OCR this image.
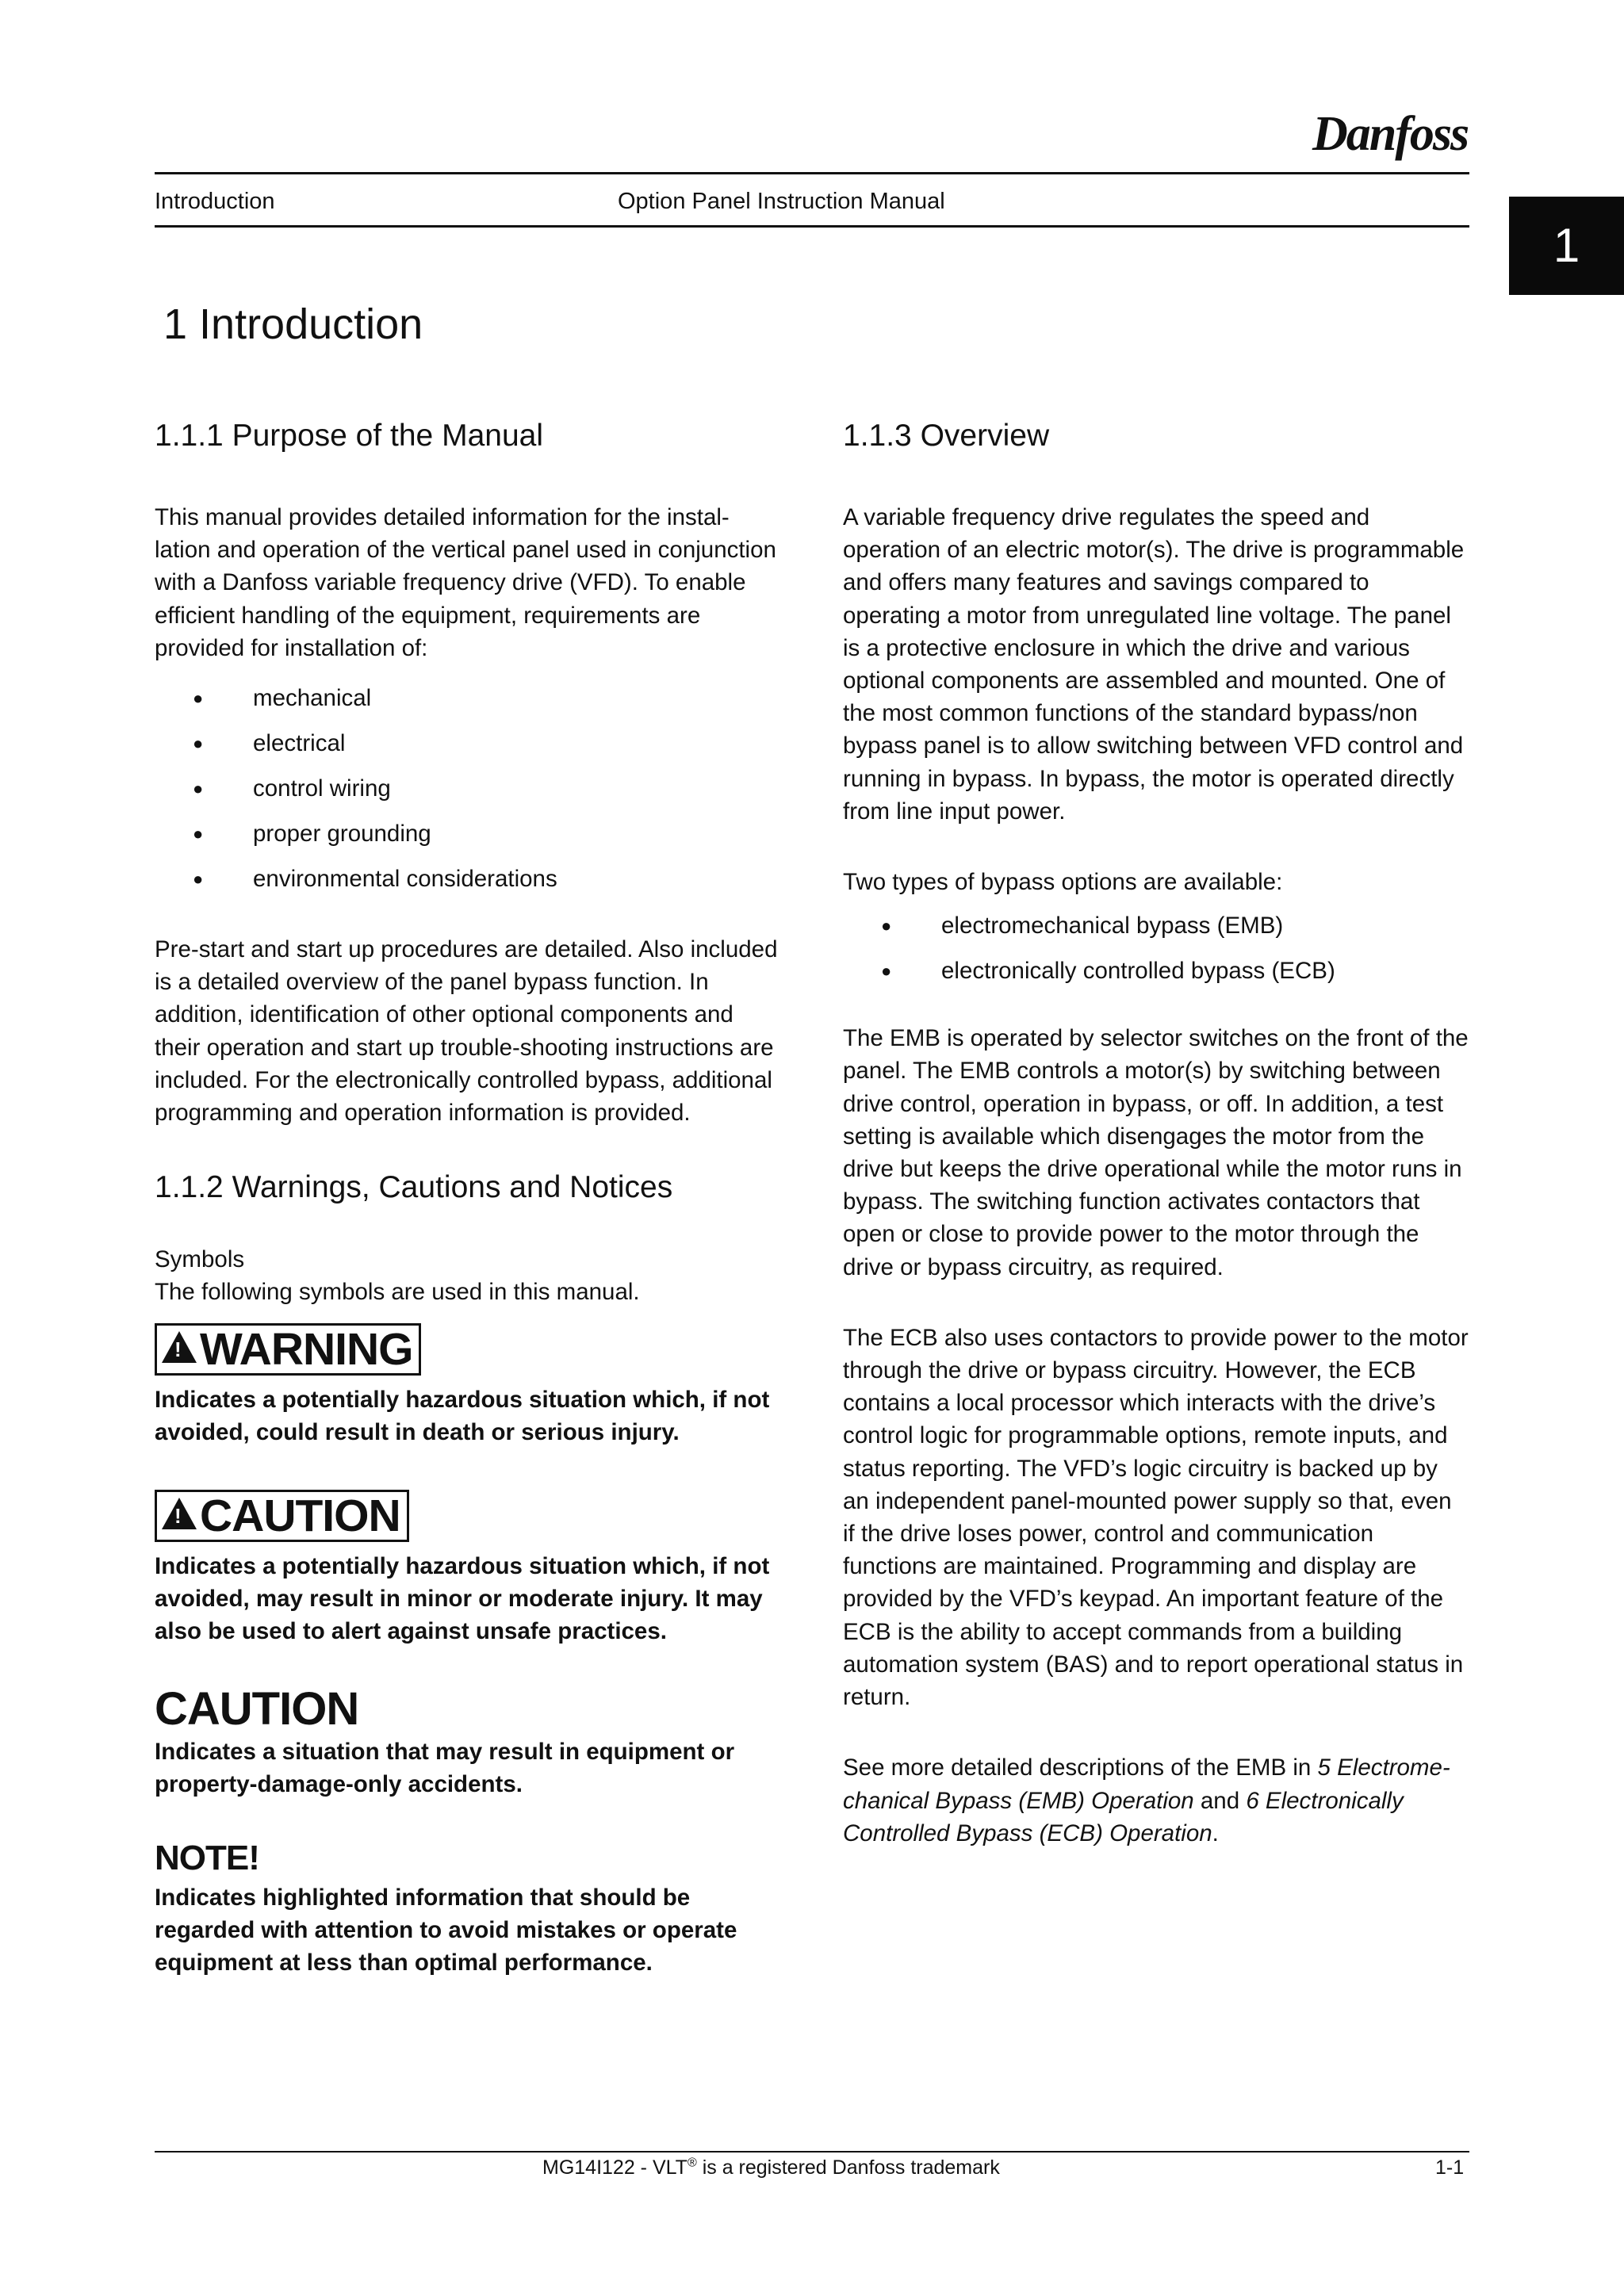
Danfoss
Introduction	Option Panel Instruction Manual
1
1 Introduction
1.1.1 Purpose of the Manual

This manual provides detailed information for the instal-lation and operation of the vertical panel used in conjunction with a Danfoss variable frequency drive (VFD). To enable efficient handling of the equipment, requirements are provided for installation of:

● mechanical
● electrical
● control wiring
● proper grounding
● environmental considerations

Pre-start and start up procedures are detailed. Also included is a detailed overview of the panel bypass function. In addition, identification of other optional components and their operation and start up trouble-shooting instructions are included. For the electronically controlled bypass, additional programming and operation information is provided.

1.1.2 Warnings, Cautions and Notices

Symbols

The following symbols are used in this manual.

!WARNING

Indicates a potentially hazardous situation which, if not avoided, could result in death or serious injury.

!CAUTION

Indicates a potentially hazardous situation which, if not avoided, may result in minor or moderate injury. It may also be used to alert against unsafe practices.

CAUTION

Indicates a situation that may result in equipment or property-damage-only accidents.

NOTE!

Indicates highlighted information that should be regarded with attention to avoid mistakes or operate equipment at less than optimal performance.

1.1.3 Overview

A variable frequency drive regulates the speed and operation of an electric motor(s). The drive is programmable and offers many features and savings compared to operating a motor from unregulated line voltage. The panel is a protective enclosure in which the drive and various optional components are assembled and mounted. One of the most common functions of the standard bypass/non bypass panel is to allow switching between VFD control and running in bypass. In bypass, the motor is operated directly from line input power.

Two types of bypass options are available:

● electromechanical bypass (EMB)
● electronically controlled bypass (ECB)

The EMB is operated by selector switches on the front of the panel. The EMB controls a motor(s) by switching between drive control, operation in bypass, or off. In addition, a test setting is available which disengages the motor from the drive but keeps the drive operational while the motor runs in bypass. The switching function activates contactors that open or close to provide power to the motor through the drive or bypass circuitry, as required.

The ECB also uses contactors to provide power to the motor through the drive or bypass circuitry. However, the ECB contains a local processor which interacts with the drive’s control logic for programmable options, remote inputs, and status reporting. The VFD’s logic circuitry is backed up by an independent panel-mounted power supply so that, even if the drive loses power, control and communication functions are maintained. Programming and display are provided by the VFD’s keypad. An important feature of the ECB is the ability to accept commands from a building automation system (BAS) and to report operational status in return.

See more detailed descriptions of the EMB in 5 Electrome-chanical Bypass (EMB) Operation and 6 Electronically Controlled Bypass (ECB) Operation.

MG14I122 - VLT® is a registered Danfoss trademark	1-1
